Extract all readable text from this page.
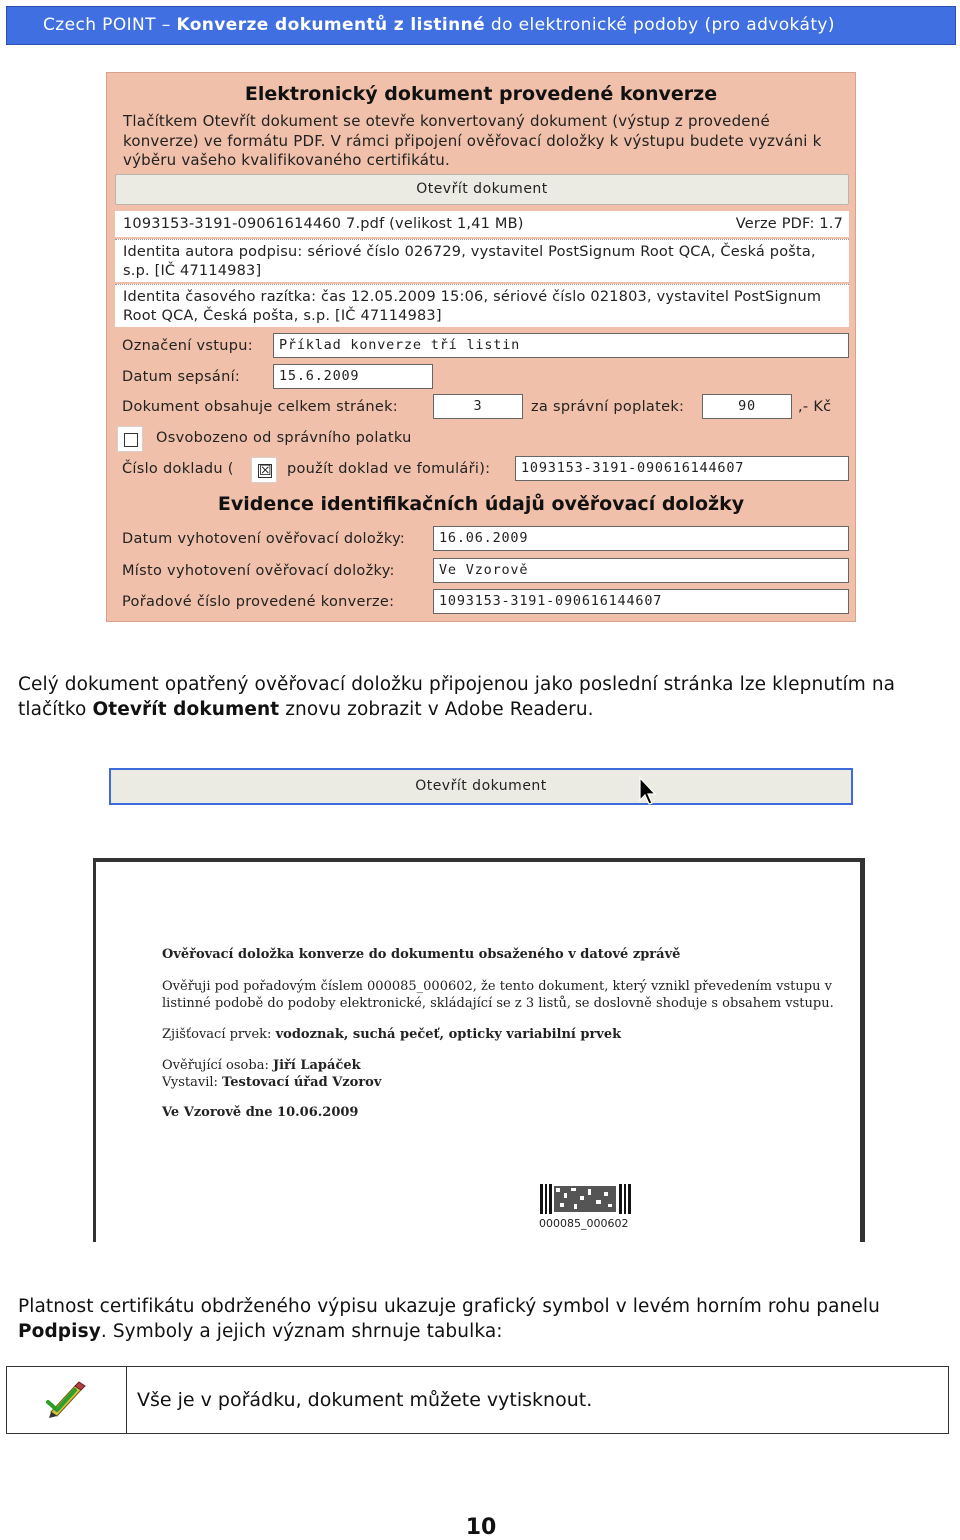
Czech POINT – Konverze dokumentů z listinné do elektronické podoby (pro advokáty)
Elektronický dokument provedené konverze
Tlačítkem Otevřít dokument se otevře konvertovaný dokument (výstup z provedené konverze) ve formátu PDF. V rámci připojení ověřovací doložky k výstupu budete vyzváni k výběru vašeho kvalifikovaného certifikátu.
Otevřít dokument
1093153-3191-09061614460 7.pdf (velikost 1,41 MB)	Verze PDF: 1.7
Identita autora podpisu: sériové číslo 026729, vystavitel PostSignum Root QCA, Česká pošta, s.p. [IČ 47114983]
Identita časového razítka: čas 12.05.2009 15:06, sériové číslo 021803, vystavitel PostSignum Root QCA, Česká pošta, s.p. [IČ 47114983]
Označení vstupu:	Příklad konverze tří listin
Datum sepsání:	15.6.2009
Dokument obsahuje celkem stránek:	3	za správní poplatek:	90	,- Kč
Osvobozeno od správního polatku
Číslo dokladu ( ☒ použít doklad ve fomuláři):	1093153-3191-090616144607
Evidence identifikačních údajů ověřovací doložky
Datum vyhotovení ověřovací doložky:	16.06.2009
Místo vyhotovení ověřovací doložky:	Ve Vzorově
Pořadové číslo provedené konverze:	1093153-3191-090616144607
Celý dokument opatřený ověřovací doložku připojenou jako poslední stránka lze klepnutím na tlačítko Otevřít dokument znovu zobrazit v Adobe Readeru.
Otevřít dokument
Ověřovací doložka konverze do dokumentu obsaženého v datové zprávě
Ověřuji pod pořadovým číslem 000085_000602, že tento dokument, který vznikl převedením vstupu v
listinné podobě do podoby elektronické, skládající se z 3 listů, se doslovně shoduje s obsahem vstupu.
Zjišťovací prvek: vodoznak, suchá pečeť, opticky variabilní prvek
Ověřující osoba: Jiří Lapáček
Vystavil: Testovací úřad Vzorov
Ve Vzorově dne 10.06.2009
000085_000602
Platnost certifikátu obdrženého výpisu ukazuje grafický symbol v levém horním rohu panelu Podpisy. Symboly a jejich význam shrnuje tabulka:
Vše je v pořádku, dokument můžete vytisknout.
10
